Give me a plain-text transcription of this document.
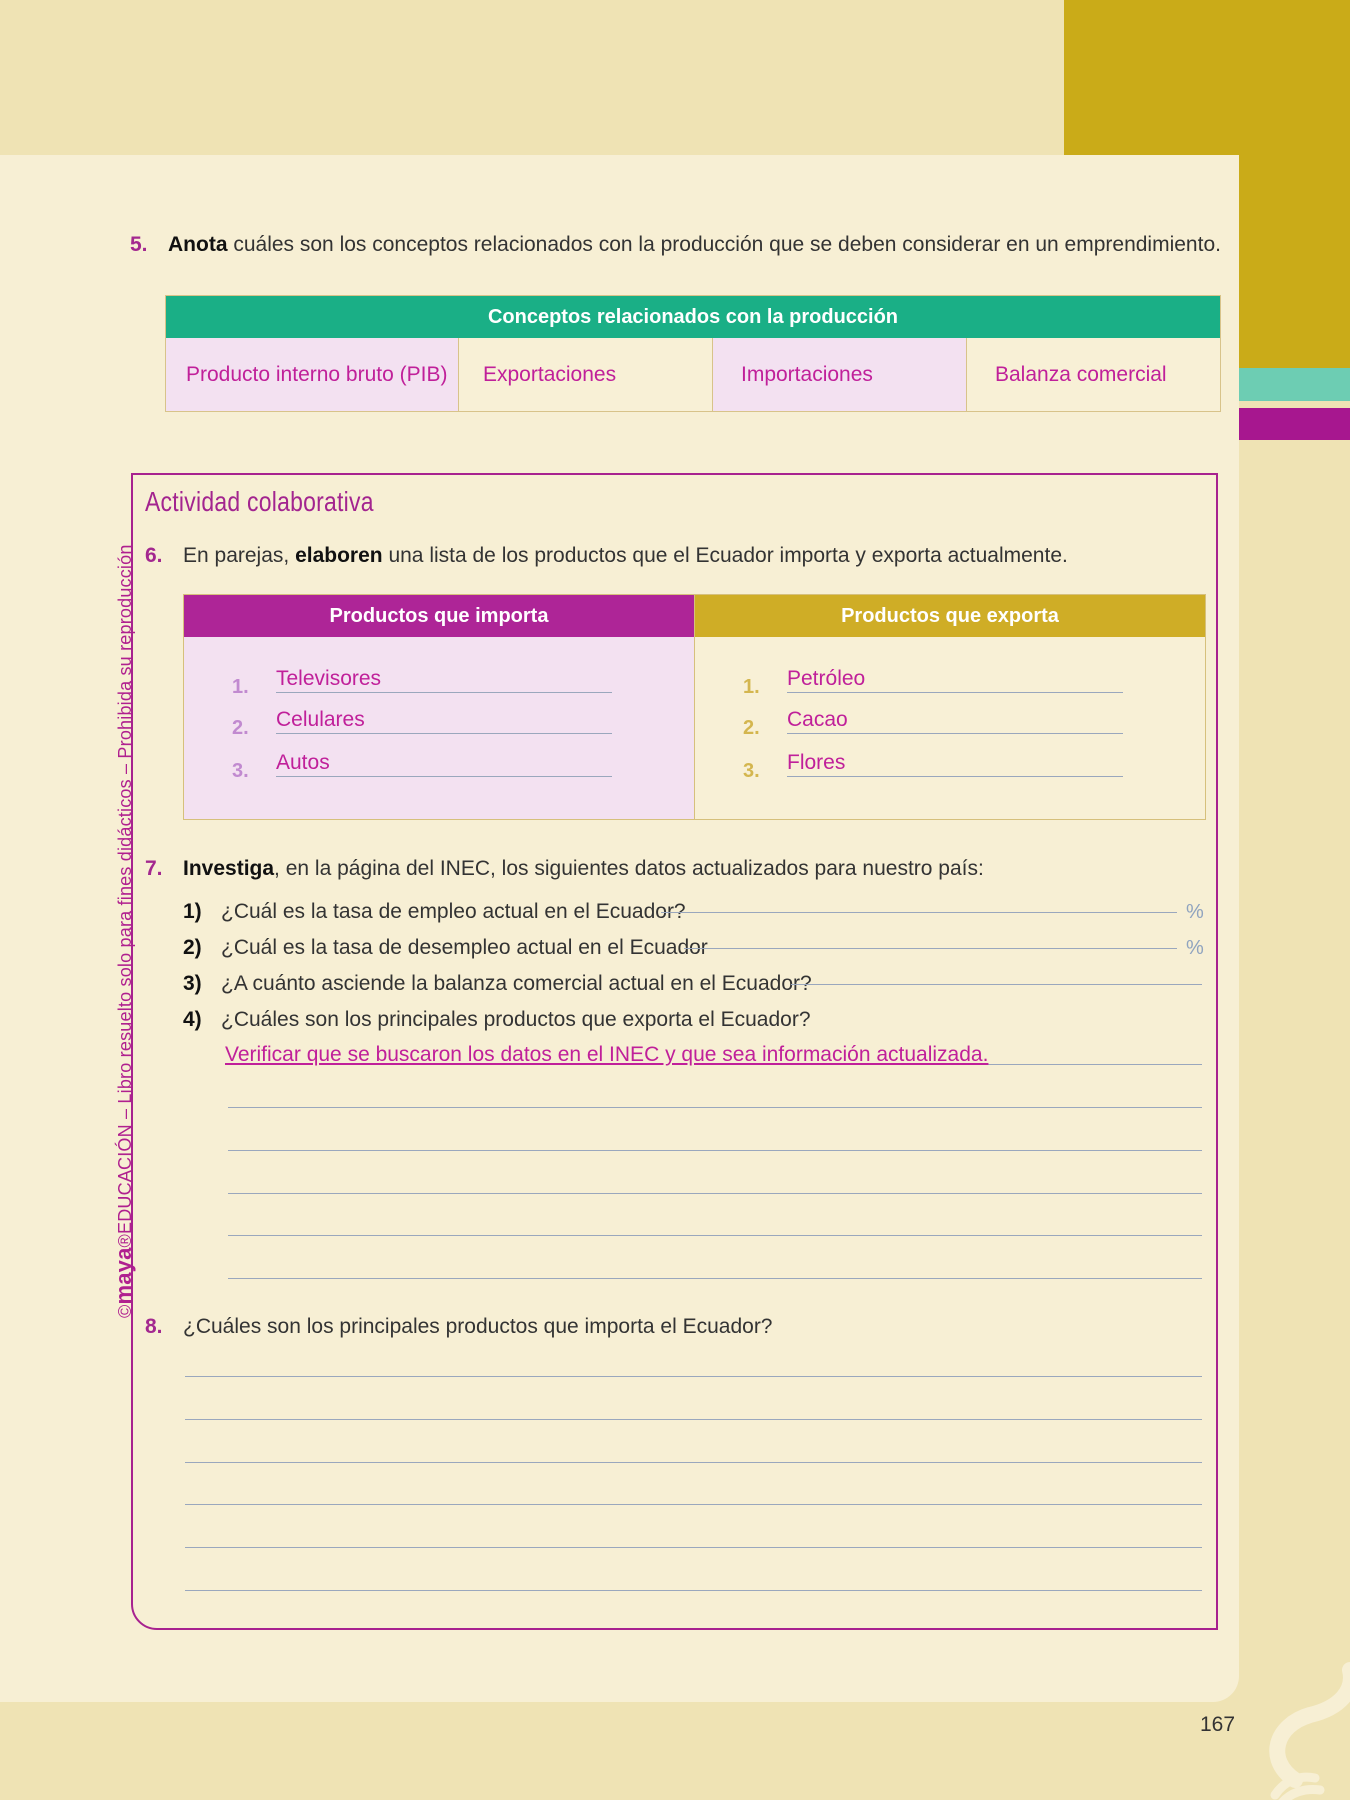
©maya®EDUCACIÓN – Libro resuelto solo para fines didácticos – Prohibida su reproducción
167
5. Anota cuáles son los conceptos relacionados con la producción que se deben considerar en un emprendimiento.
Conceptos relacionados con la producción
Producto interno bruto (PIB)	Exportaciones	Importaciones	Balanza comercial
Actividad colaborativa
6. En parejas, elaboren una lista de los productos que el Ecuador importa y exporta actualmente.
Productos que importa
1. Televisores
2. Celulares
3. Autos
Productos que exporta
1. Petróleo
2. Cacao
3. Flores
7. Investiga, en la página del INEC, los siguientes datos actualizados para nuestro país:
1) ¿Cuál es la tasa de empleo actual en el Ecuador?	%
2) ¿Cuál es la tasa de desempleo actual en el Ecuador	%
3) ¿A cuánto asciende la balanza comercial actual en el Ecuador?
4) ¿Cuáles son los principales productos que exporta el Ecuador?
Verificar que se buscaron los datos en el INEC y que sea información actualizada.
8. ¿Cuáles son los principales productos que importa el Ecuador?
